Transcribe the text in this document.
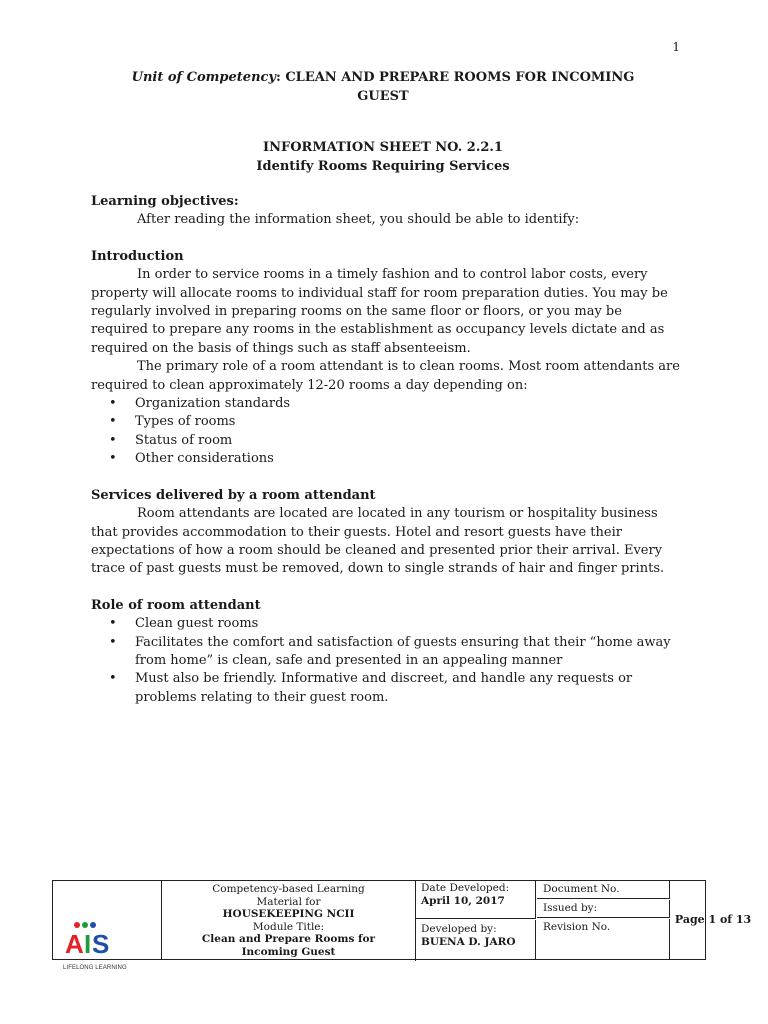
1
Unit of Competency: CLEAN AND PREPARE ROOMS FOR INCOMING
GUEST
INFORMATION SHEET NO. 2.2.1
Identify Rooms Requiring Services
Learning objectives:

After reading the information sheet, you should be able to identify:

Introduction

In order to service rooms in a timely fashion and to control labor costs, every property will allocate rooms to individual staff for room preparation duties. You may be regularly involved in preparing rooms on the same floor or floors, or you may be required to prepare any rooms in the establishment as occupancy levels dictate and as required on the basis of things such as staff absenteeism.

The primary role of a room attendant is to clean rooms. Most room attendants are required to clean approximately 12-20 rooms a day depending on:

• Organization standards
• Types of rooms
• Status of room
• Other considerations
Services delivered by a room attendant

Room attendants are located are located in any tourism or hospitality business that provides accommodation to their guests. Hotel and resort guests have their expectations of how a room should be cleaned and presented prior their arrival. Every trace of past guests must be removed, down to single strands of hair and finger prints.

Role of room attendant
• Clean guest rooms
• Facilitates the comfort and satisfaction of guests ensuring that their “home away from home” is clean, safe and presented in an appealing manner
• Must also be friendly. Informative and discreet, and handle any requests or problems relating to their guest room.
A I S
LIFELONG LEARNING
Competency-based Learning
Material for
HOUSEKEEPING NCII
Module Title:
Clean and Prepare Rooms for
Incoming Guest
Date Developed:
April 10, 2017
Developed by:
BUENA D. JARO
Document No.
Issued by:
Revision No.
Page 1 of 13
